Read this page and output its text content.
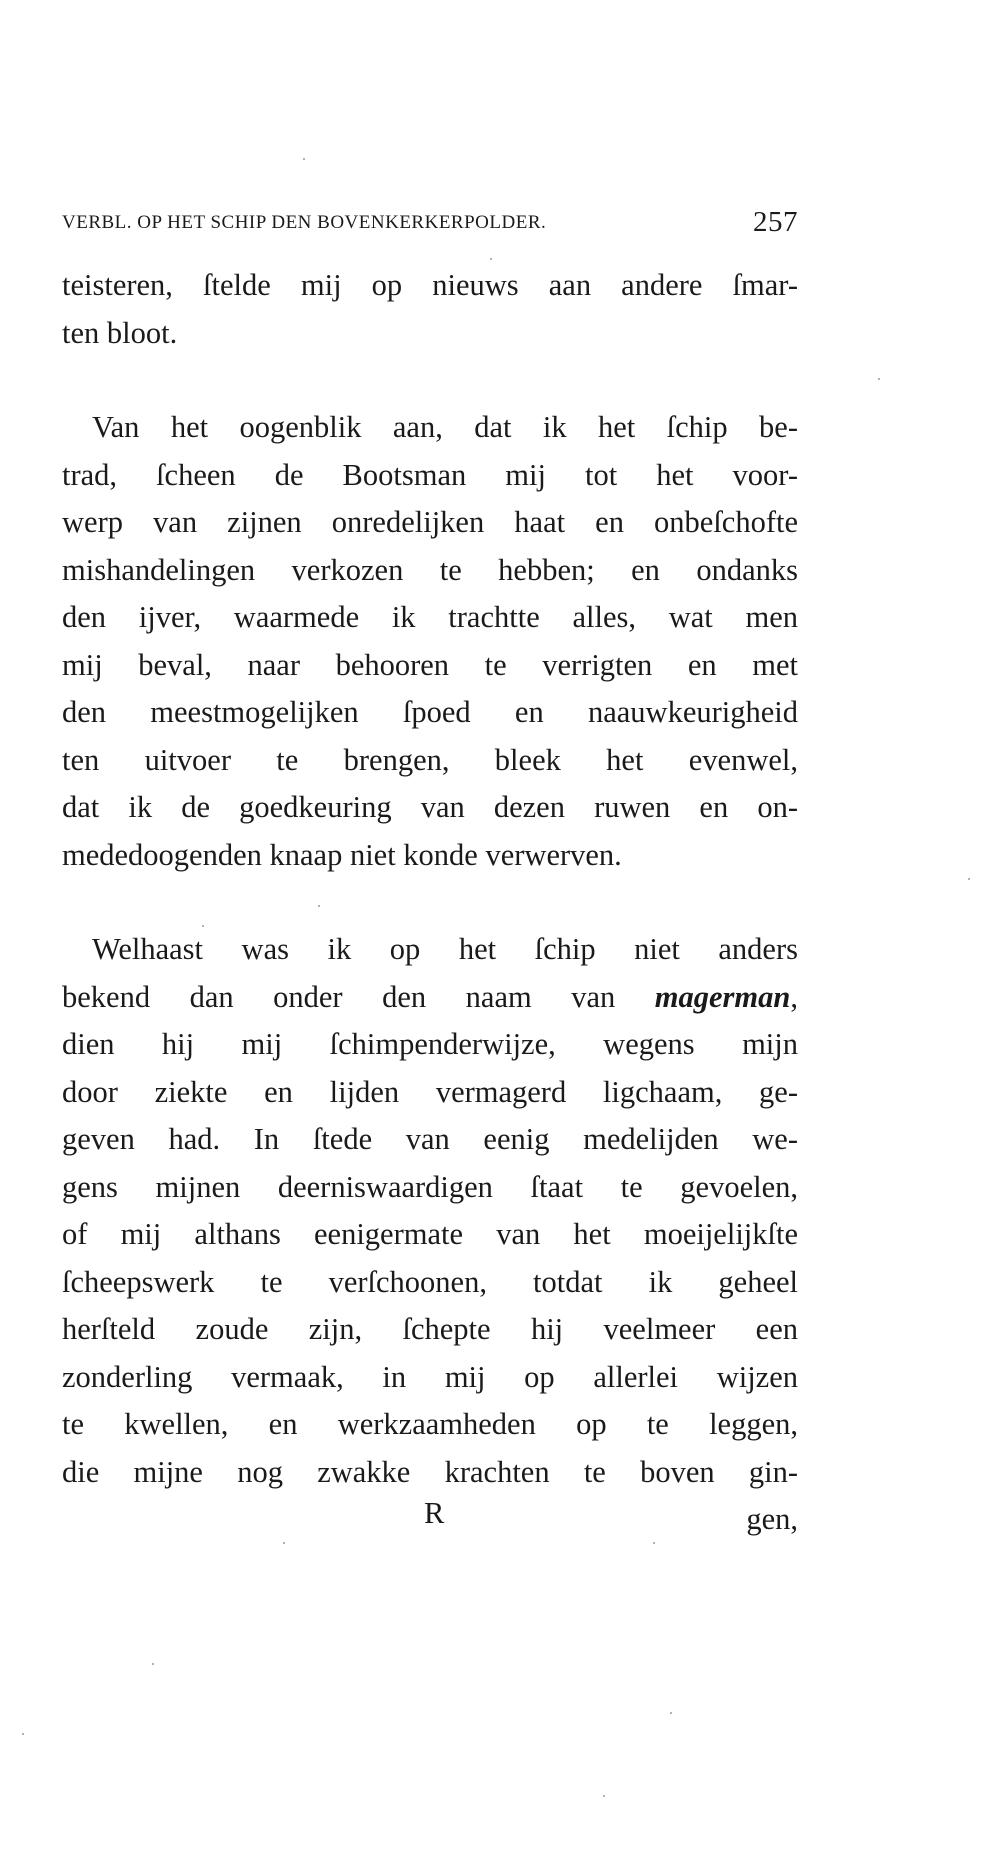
VERBL. OP HET SCHIP DEN BOVENKERKERPOLDER.	257

teisteren, ſtelde mij op nieuws aan andere ſmar-
ten bloot.

Van het oogenblik aan, dat ik het ſchip be-
trad, ſcheen de Bootsman mij tot het voor-
werp van zijnen onredelijken haat en onbeſchofte
mishandelingen verkozen te hebben; en ondanks
den ijver, waarmede ik trachtte alles, wat men
mij beval, naar behooren te verrigten en met
den meestmogelijken ſpoed en naauwkeurigheid
ten uitvoer te brengen, bleek het evenwel,
dat ik de goedkeuring van dezen ruwen en on-
mededoogenden knaap niet konde verwerven.

Welhaast was ik op het ſchip niet anders
bekend dan onder den naam van magerman,
dien hij mij ſchimpenderwijze, wegens mijn
door ziekte en lijden vermagerd ligchaam, ge-
geven had. In ſtede van eenig medelijden we-
gens mijnen deerniswaardigen ſtaat te gevoelen,
of mij althans eenigermate van het moeijelijkſte
ſcheepswerk te verſchoonen, totdat ik geheel
herſteld zoude zijn, ſchepte hij veelmeer een
zonderling vermaak, in mij op allerlei wijzen
te kwellen, en werkzaamheden op te leggen,
die mijne nog zwakke krachten te boven gin-

R	gen,
